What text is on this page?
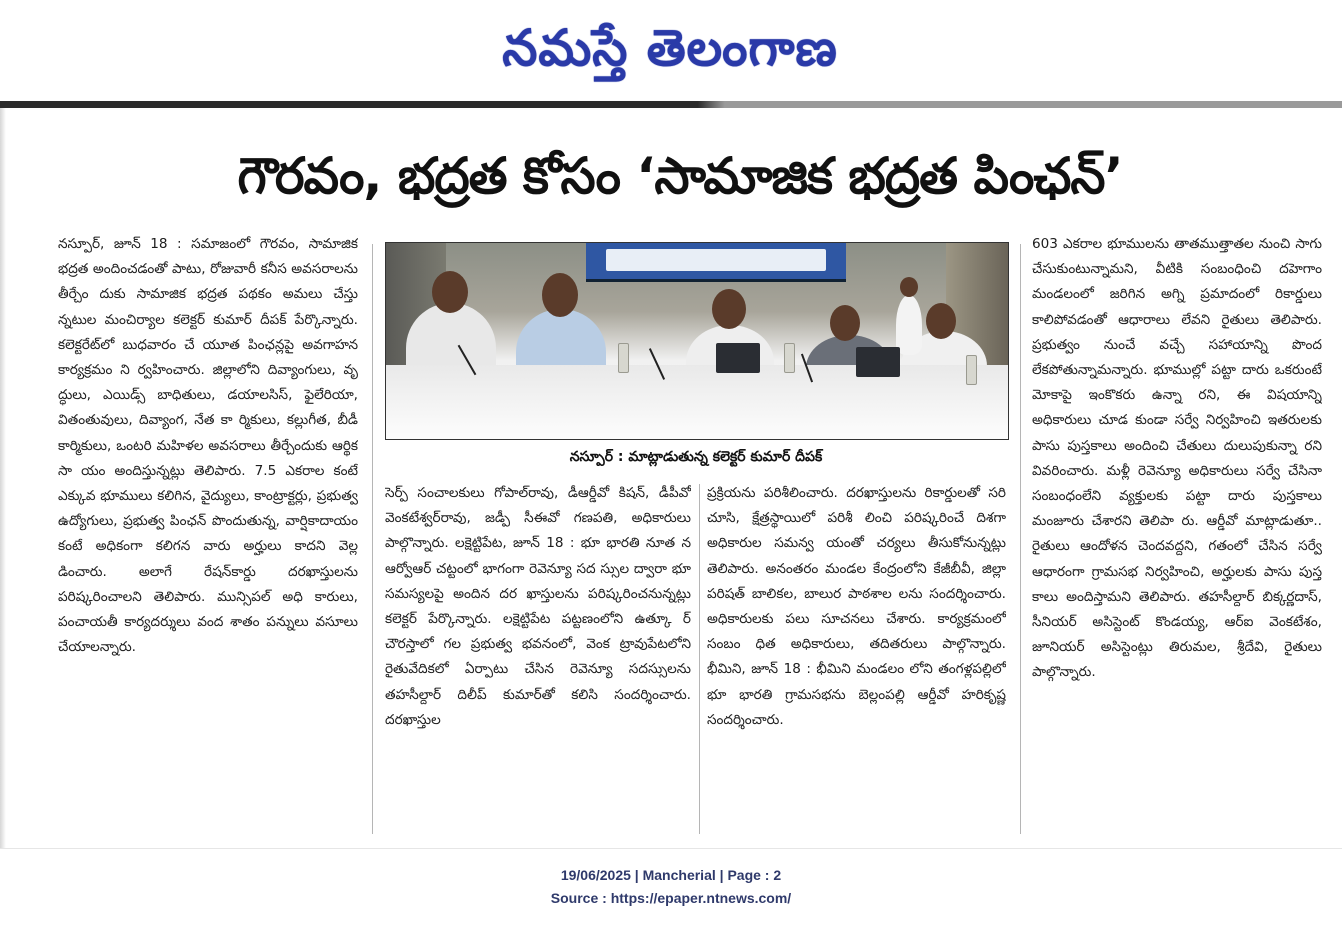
నమస్తే తెలంగాణ
గౌరవం, భద్రత కోసం ‘సామాజిక భద్రత పింఛన్’

నస్పూర్, జూన్ 18 : సమాజంలో గౌరవం, సామాజిక భద్రత అందించడంతో పాటు, రోజువారీ కనీస అవసరాలను తీర్చేం దుకు సామాజిక భద్రత పథకం అమలు చేస్తు న్నటుల మంచిర్యాల కలెక్టర్ కుమార్ దీపక్ పేర్కొన్నారు. కలెక్టరేట్‌లో బుధవారం చే యూత పింఛన్లపై అవగాహన కార్యక్రమం ని ర్వహించారు. జిల్లాలోని దివ్యాంగులు, వృ ద్ధులు, ఎయిడ్స్ బాధితులు, డయాలసిస్, ఫైలేరియా, వితంతువులు, దివ్యాంగ, నేత కా ర్మికులు, కల్లుగీత, బీడీ కార్మికులు, ఒంటరి మహిళల అవసరాలు తీర్చేందుకు ఆర్థిక సా యం అందిస్తున్నట్లు తెలిపారు. 7.5 ఎకరాల కంటే ఎక్కువ భూములు కలిగిన, వైద్యులు, కాంట్రాక్టర్లు, ప్రభుత్వ ఉద్యోగులు, ప్రభుత్వ పింఛన్ పొందుతున్న, వార్షికాదాయం కంటే అధికంగా కలిగన వారు అర్హులు కాదని వెల్ల డించారు. అలాగే రేషన్‌కార్డు దరఖాస్తులను పరిష్కరించాలని తెలిపారు. మున్సిపల్ అధి కారులు, పంచాయతీ కార్యదర్శులు వంద శాతం పన్నులు వసూలు చేయాలన్నారు.

నస్పూర్ : మాట్లాడుతున్న కలెక్టర్ కుమార్ దీపక్

సెర్ప్ సంచాలకులు గోపాల్‌రావు, డీఆర్డీవో కిషన్, డీపీవో వెంకటేశ్వర్‌రావు, జడ్పీ సీఈవో గణపతి, అధికారులు పాల్గొన్నారు. లక్షెట్టిపేట, జూన్ 18 : భూ భారతి నూత న ఆర్వోఆర్ చట్టంలో భాగంగా రెవెన్యూ సద స్సుల ద్వారా భూ సమస్యలపై అందిన దర ఖాస్తులను పరిష్కరించనున్నట్లు కలెక్టర్ పేర్కొన్నారు. లక్షెట్టిపేట పట్టణంలోని ఉత్కూ ర్ చౌరస్తాలో గల ప్రభుత్వ భవనంలో, వెంక ట్రావుపేటలోని రైతువేదికలో ఏర్పాటు చేసిన రెవెన్యూ సదస్సులను తహసీల్దార్ దిలీప్ కుమార్‌తో కలిసి సందర్శించారు. దరఖాస్తుల

ప్రక్రియను పరిశీలించారు. దరఖాస్తులను రికార్డులతో సరి చూసి, క్షేత్రస్థాయిలో పరిశీ లించి పరిష్కరించే దిశగా అధికారుల సమన్వ యంతో చర్యలు తీసుకోనున్నట్లు తెలిపారు. అనంతరం మండల కేంద్రంలోని కేజీబీవీ, జిల్లా పరిషత్ బాలికల, బాలుర పాఠశాల లను సందర్శించారు. అధికారులకు పలు సూచనలు చేశారు. కార్యక్రమంలో సంబం ధిత అధికారులు, తదితరులు పాల్గొన్నారు. భీమిని, జూన్ 18 : భీమిని మండలం లోని తంగళ్లపల్లిలో భూ భారతి గ్రామసభను బెల్లంపల్లి ఆర్డీవో హరికృష్ణ సందర్శించారు.

603 ఎకరాల భూములను తాతముత్తాతల నుంచి సాగు చేసుకుంటున్నామని, వీటికి సంబంధించి దహెగాం మండలంలో జరిగిన అగ్ని ప్రమాదంలో రికార్డులు కాలిపోవడంతో ఆధారాలు లేవని రైతులు తెలిపారు. ప్రభుత్వం నుంచే వచ్చే సహాయాన్ని పొంద లేకపోతున్నామన్నారు. భూముల్లో పట్టా దారు ఒకరుంటే మోకాపై ఇంకొకరు ఉన్నా రని, ఈ విషయాన్ని అధికారులు చూడ కుండా సర్వే నిర్వహించి ఇతరులకు పాసు పుస్తకాలు అందించి చేతులు దులుపుకున్నా రని వివరించారు. మళ్లీ రెవెన్యూ అధికారులు సర్వే చేసినా సంబంధంలేని వ్యక్తులకు పట్టా దారు పుస్తకాలు మంజూరు చేశారని తెలిపా రు. ఆర్డీవో మాట్లాడుతూ.. రైతులు ఆందోళన చెందవద్దని, గతంలో చేసిన సర్వే ఆధారంగా గ్రామసభ నిర్వహించి, అర్హులకు పాసు పుస్త కాలు అందిస్తామని తెలిపారు. తహసీల్దార్ బిక్కర్ణదాస్, సీనియర్ అసిస్టెంట్ కొండయ్య, ఆర్ఐ వెంకటేశం, జూనియర్ అసిస్టెంట్లు తిరుమల, శ్రీదేవి, రైతులు పాల్గొన్నారు.

19/06/2025 | Mancherial | Page : 2
Source : https://epaper.ntnews.com/
